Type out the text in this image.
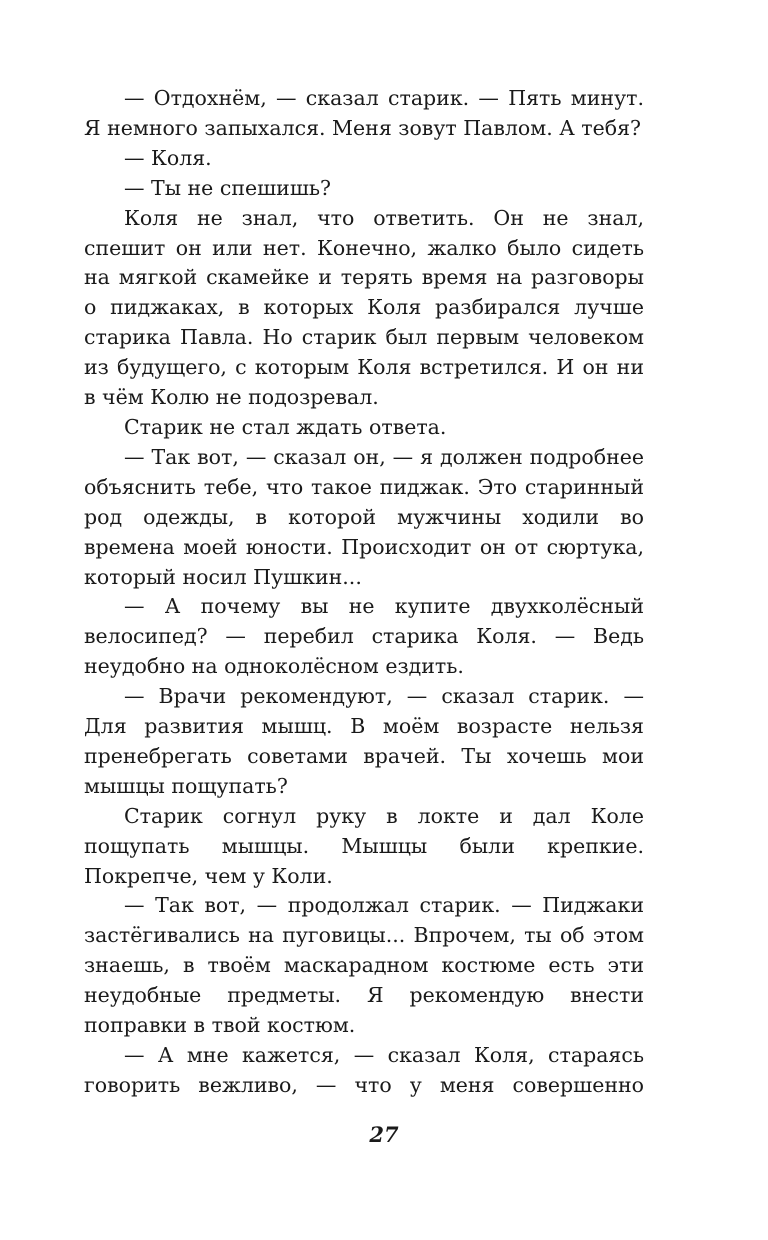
— Отдохнём, — сказал старик. — Пять минут. Я немного запыхался. Меня зовут Павлом. А тебя?

— Коля.

— Ты не спешишь?

Коля не знал, что ответить. Он не знал, спешит он или нет. Конечно, жалко было сидеть на мягкой скамейке и терять время на разговоры о пиджаках, в которых Коля разбирался лучше старика Павла. Но старик был первым человеком из будущего, с которым Коля встретился. И он ни в чём Колю не подозревал.

Старик не стал ждать ответа.

— Так вот, — сказал он, — я должен подробнее объяснить тебе, что такое пиджак. Это старинный род одежды, в которой мужчины ходили во времена моей юности. Происходит он от сюртука, который носил Пушкин...

— А почему вы не купите двухколёсный велосипед? — перебил старика Коля. — Ведь неудобно на одноколёсном ездить.

— Врачи рекомендуют, — сказал старик. — Для развития мышц. В моём возрасте нельзя пренебрегать советами врачей. Ты хочешь мои мышцы пощупать?

Старик согнул руку в локте и дал Коле пощупать мышцы. Мышцы были крепкие. Покрепче, чем у Коли.

— Так вот, — продолжал старик. — Пиджаки застёгивались на пуговицы... Впрочем, ты об этом знаешь, в твоём маскарадном костюме есть эти неудобные предметы. Я рекомендую внести поправки в твой костюм.

— А мне кажется, — сказал Коля, стараясь говорить вежливо, — что у меня совершенно

27
